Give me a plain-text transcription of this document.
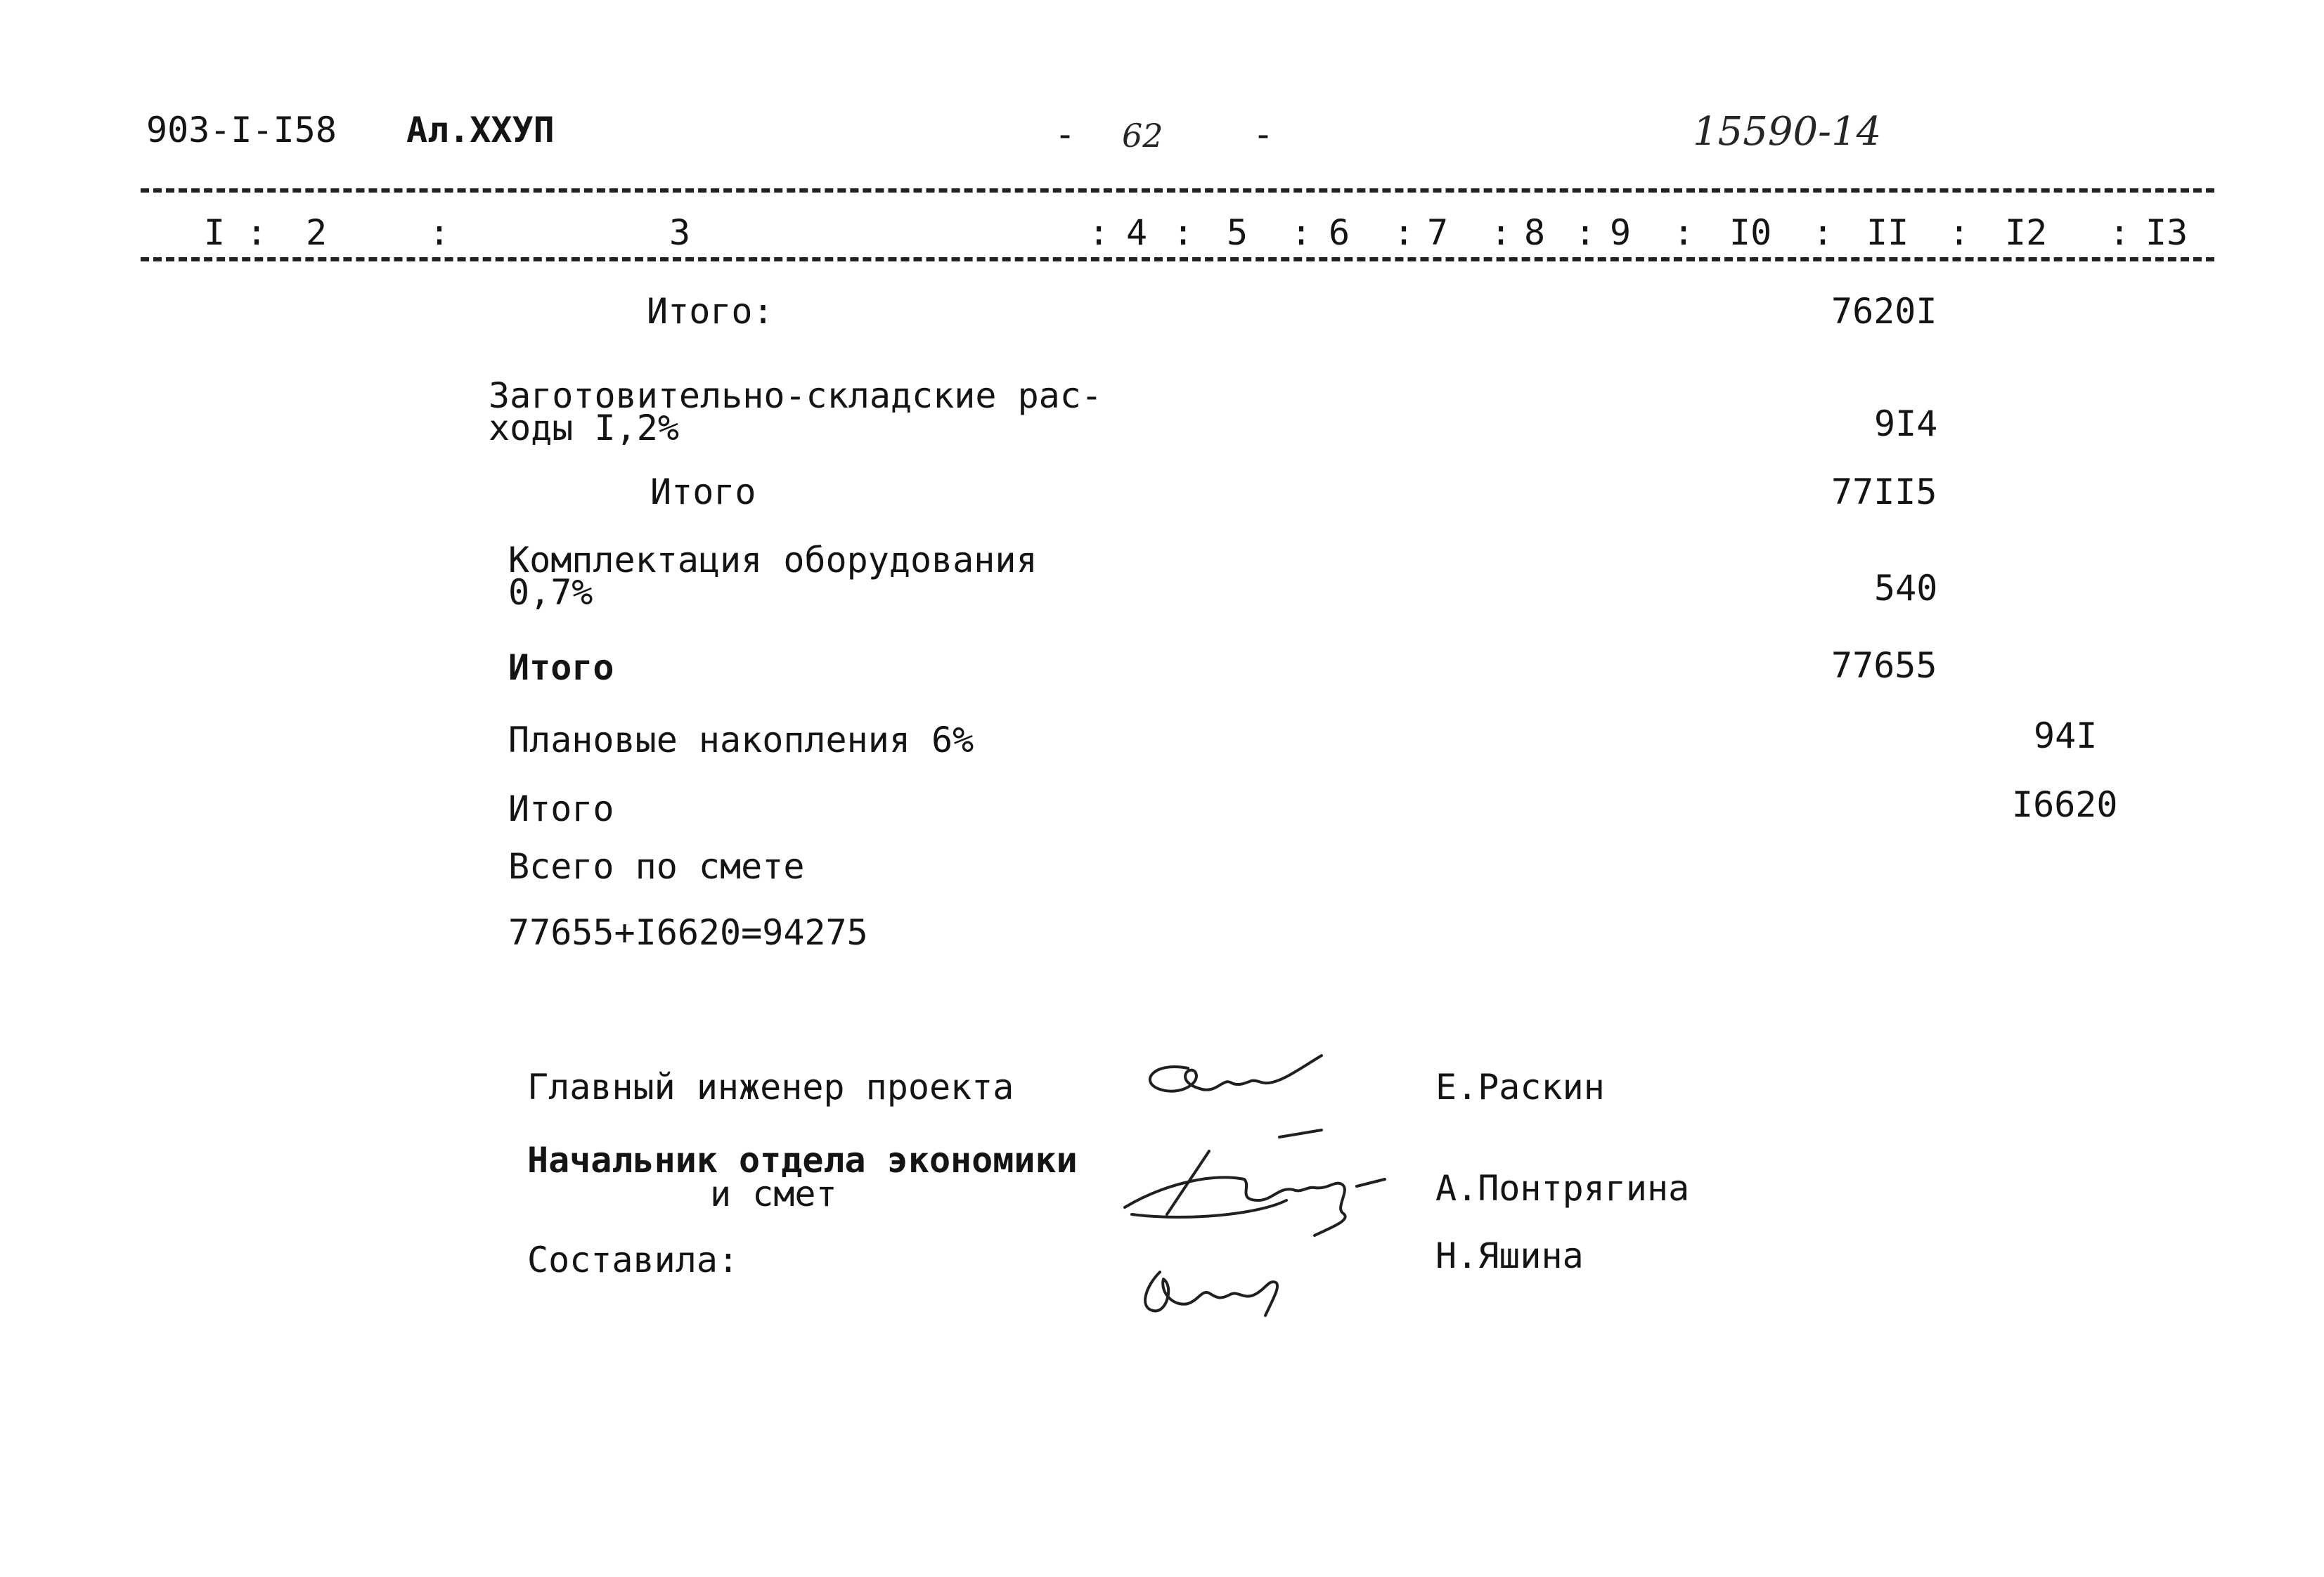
903-I-I58 Ал.XXУП	- 62	-	15590-14
I : 2	:	3	: 4 : 5 : 6 : 7 : 8 : 9 : I0 : II : I2 : I3
Итого:	7620I
Заготовительно-складские рас-
ходы I,2%	9I4
Итого	77II5
Комплектация оборудования
0,7%	540
Итого	77655
Плановые накопления 6%	94I
Итого	I6620
Всего по смете
77655+I6620=94275
Главный инженер проекта	Е.Раскин
Начальник отдела экономики
и смет	А.Понтрягина
Составила:	Н.Яшина
